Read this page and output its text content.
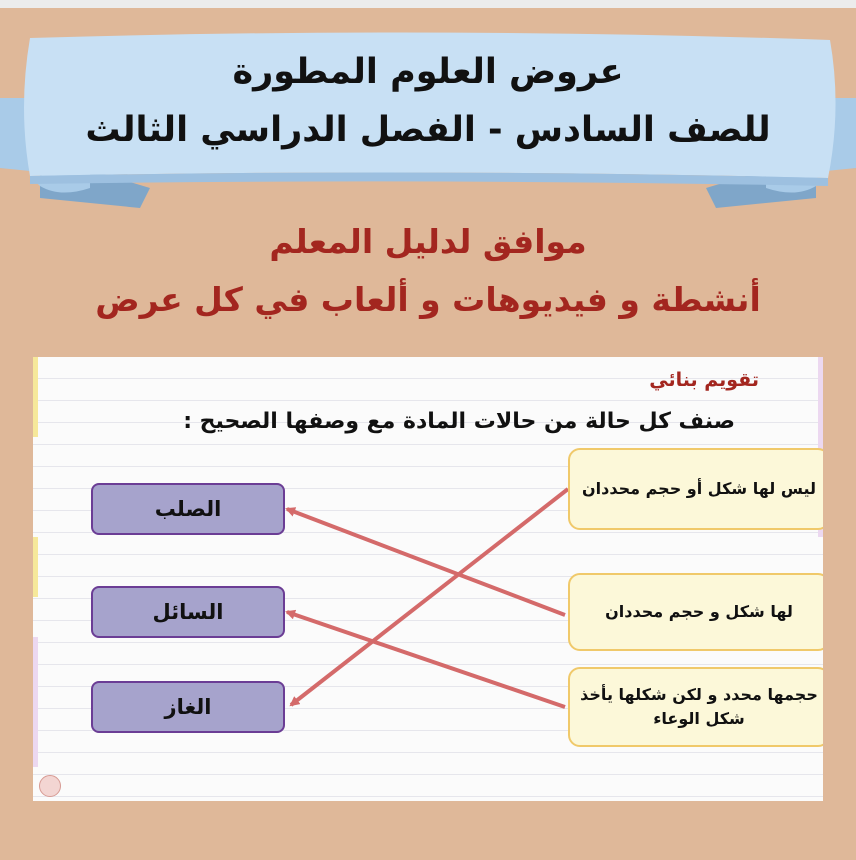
عروض العلوم المطورة
للصف السادس - الفصل الدراسي الثالث
موافق لدليل المعلم
أنشطة و فيديوهات و ألعاب في كل عرض
تقويم بنائي
صنف كل حالة من حالات المادة مع وصفها الصحيح :
الصلب
السائل
الغاز
ليس لها شكل أو حجم محددان
لها شكل و حجم محددان
حجمها محدد و لكن شكلها يأخذ شكل الوعاء
